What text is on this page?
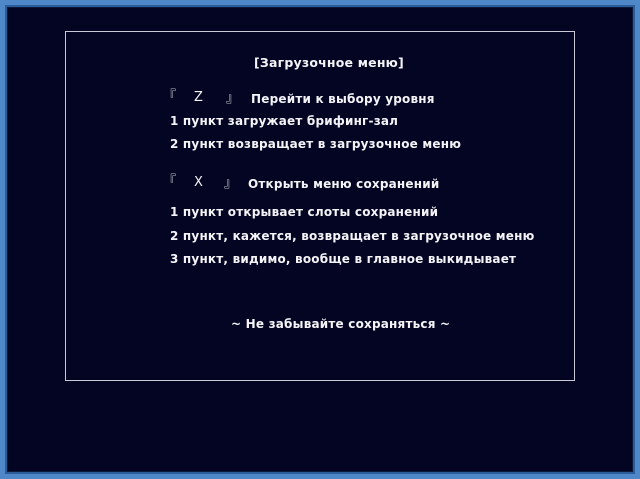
[Загрузочное меню]
『 Z 』 Перейти к выбору уровня
1 пункт загружает брифинг-зал
2 пункт возвращает в загрузочное меню
『 X 』 Открыть меню сохранений
1 пункт открывает слоты сохранений
2 пункт, кажется, возвращает в загрузочное меню
3 пункт, видимо, вообще в главное выкидывает
~ Не забывайте сохраняться ~
